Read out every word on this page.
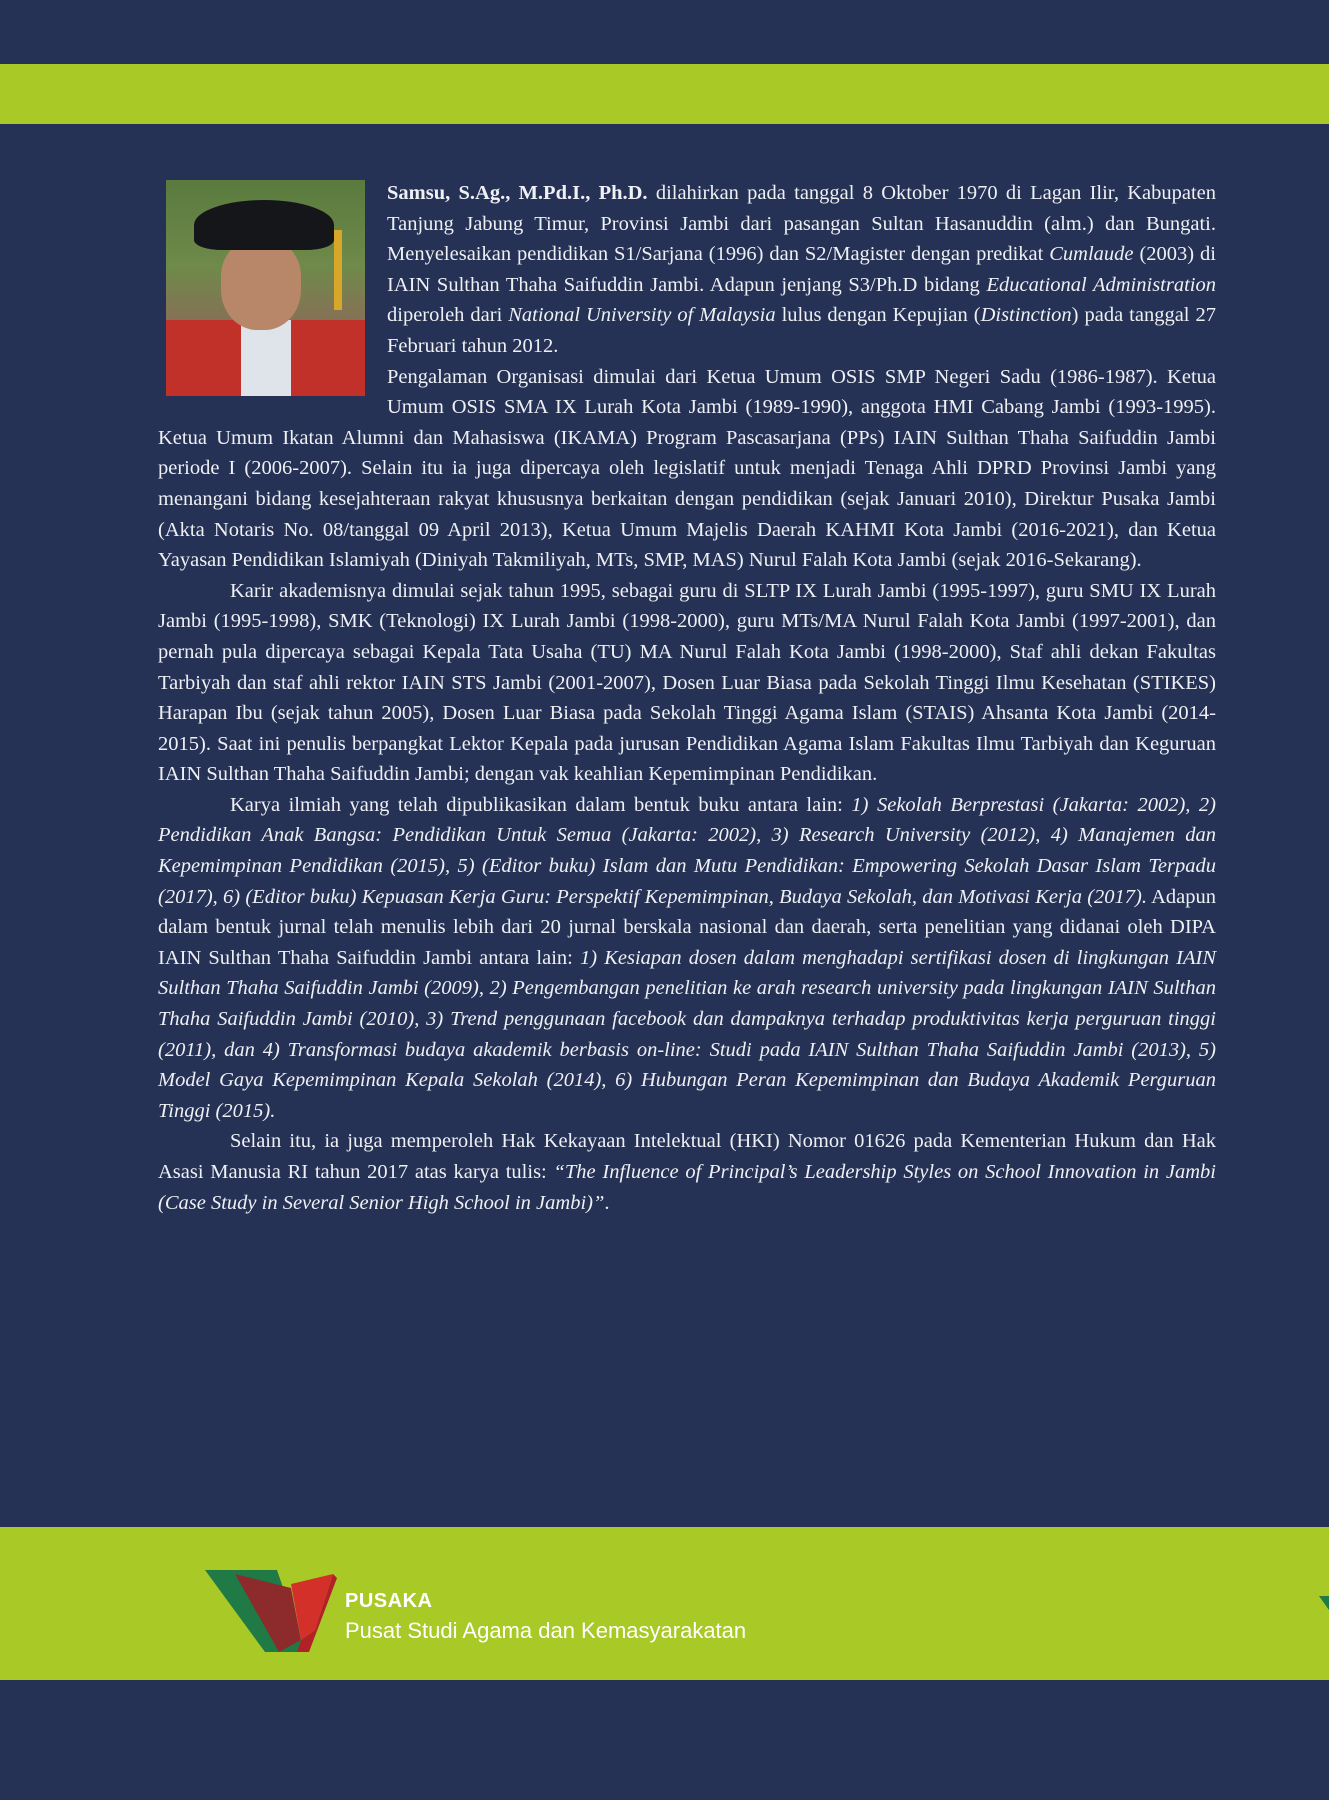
Samsu, S.Ag., M.Pd.I., Ph.D. dilahirkan pada tanggal 8 Oktober 1970 di Lagan Ilir, Kabupaten Tanjung Jabung Timur, Provinsi Jambi dari pasangan Sultan Hasanuddin (alm.) dan Bungati. Menyelesaikan pendidikan S1/Sarjana (1996) dan S2/Magister dengan predikat Cumlaude (2003) di IAIN Sulthan Thaha Saifuddin Jambi. Adapun jenjang S3/Ph.D bidang Educational Administration diperoleh dari National University of Malaysia lulus dengan Kepujian (Distinction) pada tanggal 27 Februari tahun 2012.

Pengalaman Organisasi dimulai dari Ketua Umum OSIS SMP Negeri Sadu (1986-1987). Ketua Umum OSIS SMA IX Lurah Kota Jambi (1989-1990), anggota HMI Cabang Jambi (1993-1995). Ketua Umum Ikatan Alumni dan Mahasiswa (IKAMA) Program Pascasarjana (PPs) IAIN Sulthan Thaha Saifuddin Jambi periode I (2006-2007). Selain itu ia juga dipercaya oleh legislatif untuk menjadi Tenaga Ahli DPRD Provinsi Jambi yang menangani bidang kesejahteraan rakyat khususnya berkaitan dengan pendidikan (sejak Januari 2010), Direktur Pusaka Jambi (Akta Notaris No. 08/tanggal 09 April 2013), Ketua Umum Majelis Daerah KAHMI Kota Jambi (2016-2021), dan Ketua Yayasan Pendidikan Islamiyah (Diniyah Takmiliyah, MTs, SMP, MAS) Nurul Falah Kota Jambi (sejak 2016-Sekarang).

Karir akademisnya dimulai sejak tahun 1995, sebagai guru di SLTP IX Lurah Jambi (1995-1997), guru SMU IX Lurah Jambi (1995-1998), SMK (Teknologi) IX Lurah Jambi (1998-2000), guru MTs/MA Nurul Falah Kota Jambi (1997-2001), dan pernah pula dipercaya sebagai Kepala Tata Usaha (TU) MA Nurul Falah Kota Jambi (1998-2000), Staf ahli dekan Fakultas Tarbiyah dan staf ahli rektor IAIN STS Jambi (2001-2007), Dosen Luar Biasa pada Sekolah Tinggi Ilmu Kesehatan (STIKES) Harapan Ibu (sejak tahun 2005), Dosen Luar Biasa pada Sekolah Tinggi Agama Islam (STAIS) Ahsanta Kota Jambi (2014-2015). Saat ini penulis berpangkat Lektor Kepala pada jurusan Pendidikan Agama Islam Fakultas Ilmu Tarbiyah dan Keguruan IAIN Sulthan Thaha Saifuddin Jambi; dengan vak keahlian Kepemimpinan Pendidikan.

Karya ilmiah yang telah dipublikasikan dalam bentuk buku antara lain: 1) Sekolah Berprestasi (Jakarta: 2002), 2) Pendidikan Anak Bangsa: Pendidikan Untuk Semua (Jakarta: 2002), 3) Research University (2012), 4) Manajemen dan Kepemimpinan Pendidikan (2015), 5) (Editor buku) Islam dan Mutu Pendidikan: Empowering Sekolah Dasar Islam Terpadu (2017), 6) (Editor buku) Kepuasan Kerja Guru: Perspektif Kepemimpinan, Budaya Sekolah, dan Motivasi Kerja (2017). Adapun dalam bentuk jurnal telah menulis lebih dari 20 jurnal berskala nasional dan daerah, serta penelitian yang didanai oleh DIPA IAIN Sulthan Thaha Saifuddin Jambi antara lain: 1) Kesiapan dosen dalam menghadapi sertifikasi dosen di lingkungan IAIN Sulthan Thaha Saifuddin Jambi (2009), 2) Pengembangan penelitian ke arah research university pada lingkungan IAIN Sulthan Thaha Saifuddin Jambi (2010), 3) Trend penggunaan facebook dan dampaknya terhadap produktivitas kerja perguruan tinggi (2011), dan 4) Transformasi budaya akademik berbasis on-line: Studi pada IAIN Sulthan Thaha Saifuddin Jambi (2013), 5) Model Gaya Kepemimpinan Kepala Sekolah (2014), 6) Hubungan Peran Kepemimpinan dan Budaya Akademik Perguruan Tinggi (2015).

Selain itu, ia juga memperoleh Hak Kekayaan Intelektual (HKI) Nomor 01626 pada Kementerian Hukum dan Hak Asasi Manusia RI tahun 2017 atas karya tulis: “The Influence of Principal’s Leadership Styles on School Innovation in Jambi (Case Study in Several Senior High School in Jambi)”.

PUSAKA
Pusat Studi Agama dan Kemasyarakatan
